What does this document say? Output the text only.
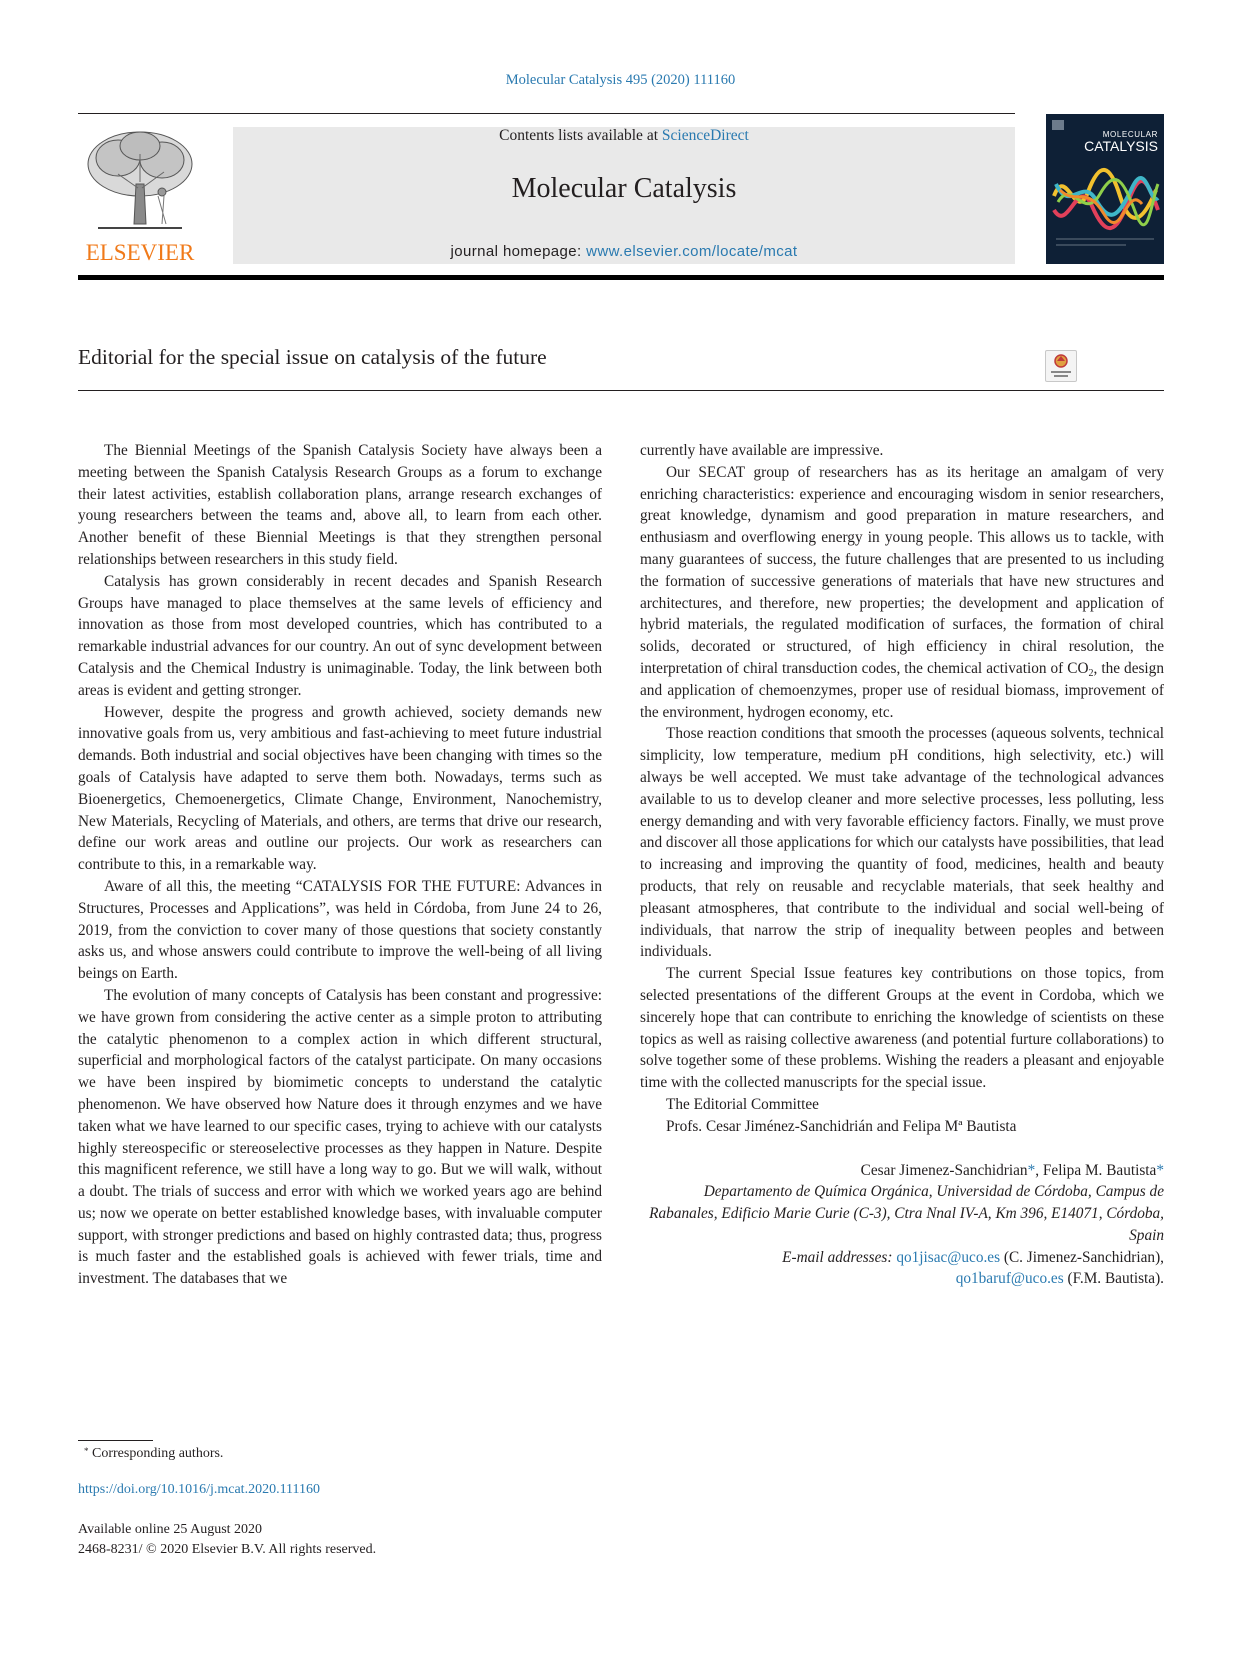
Molecular Catalysis 495 (2020) 111160
ELSEVIER
Contents lists available at ScienceDirect
Molecular Catalysis
journal homepage: www.elsevier.com/locate/mcat
MOLECULAR
CATALYSIS
Editorial for the special issue on catalysis of the future

The Biennial Meetings of the Spanish Catalysis Society have always been a meeting between the Spanish Catalysis Research Groups as a forum to exchange their latest activities, establish collaboration plans, arrange research exchanges of young researchers between the teams and, above all, to learn from each other. Another benefit of these Biennial Meetings is that they strengthen personal relationships between researchers in this study field.

Catalysis has grown considerably in recent decades and Spanish Research Groups have managed to place themselves at the same levels of efficiency and innovation as those from most developed countries, which has contributed to a remarkable industrial advances for our country. An out of sync development between Catalysis and the Chemical Industry is unimaginable. Today, the link between both areas is evident and getting stronger.

However, despite the progress and growth achieved, society demands new innovative goals from us, very ambitious and fast-achieving to meet future industrial demands. Both industrial and social objectives have been changing with times so the goals of Catalysis have adapted to serve them both. Nowadays, terms such as Bioenergetics, Chemoenergetics, Climate Change, Environment, Nanochemistry, New Materials, Recycling of Materials, and others, are terms that drive our research, define our work areas and outline our projects. Our work as researchers can contribute to this, in a remarkable way.

Aware of all this, the meeting “CATALYSIS FOR THE FUTURE: Advances in Structures, Processes and Applications”, was held in Córdoba, from June 24 to 26, 2019, from the conviction to cover many of those questions that society constantly asks us, and whose answers could contribute to improve the well-being of all living beings on Earth.

The evolution of many concepts of Catalysis has been constant and progressive: we have grown from considering the active center as a simple proton to attributing the catalytic phenomenon to a complex action in which different structural, superficial and morphological factors of the catalyst participate. On many occasions we have been inspired by biomimetic concepts to understand the catalytic phenomenon. We have observed how Nature does it through enzymes and we have taken what we have learned to our specific cases, trying to achieve with our catalysts highly stereospecific or stereoselective processes as they happen in Nature. Despite this magnificent reference, we still have a long way to go. But we will walk, without a doubt. The trials of success and error with which we worked years ago are behind us; now we operate on better established knowledge bases, with invaluable computer support, with stronger predictions and based on highly contrasted data; thus, progress is much faster and the established goals is achieved with fewer trials, time and investment. The databases that we

currently have available are impressive.

Our SECAT group of researchers has as its heritage an amalgam of very enriching characteristics: experience and encouraging wisdom in senior researchers, great knowledge, dynamism and good preparation in mature researchers, and enthusiasm and overflowing energy in young people. This allows us to tackle, with many guarantees of success, the future challenges that are presented to us including the formation of successive generations of materials that have new structures and architectures, and therefore, new properties; the development and application of hybrid materials, the regulated modification of surfaces, the formation of chiral solids, decorated or structured, of high efficiency in chiral resolution, the interpretation of chiral transduction codes, the chemical activation of $CO_2$, the design and application of chemoenzymes, proper use of residual biomass, improvement of the environment, hydrogen economy, etc.

Those reaction conditions that smooth the processes (aqueous solvents, technical simplicity, low temperature, medium pH conditions, high selectivity, etc.) will always be well accepted. We must take advantage of the technological advances available to us to develop cleaner and more selective processes, less polluting, less energy demanding and with very favorable efficiency factors. Finally, we must prove and discover all those applications for which our catalysts have possibilities, that lead to increasing and improving the quantity of food, medicines, health and beauty products, that rely on reusable and recyclable materials, that seek healthy and pleasant atmospheres, that contribute to the individual and social well-being of individuals, that narrow the strip of inequality between peoples and between individuals.

The current Special Issue features key contributions on those topics, from selected presentations of the different Groups at the event in Cordoba, which we sincerely hope that can contribute to enriching the knowledge of scientists on these topics as well as raising collective awareness (and potential furture collaborations) to solve together some of these problems. Wishing the readers a pleasant and enjoyable time with the collected manuscripts for the special issue.

The Editorial Committee

Profs. Cesar Jiménez-Sanchidrián and Felipa Mª Bautista

Cesar Jimenez-Sanchidrian*, Felipa M. Bautista*
Departamento de Química Orgánica, Universidad de Córdoba, Campus de Rabanales, Edificio Marie Curie (C-3), Ctra Nnal IV-A, Km 396, E14071, Córdoba, Spain
E-mail addresses: qo1jisac@uco.es (C. Jimenez-Sanchidrian),
qo1baruf@uco.es (F.M. Bautista).
* Corresponding authors.
https://doi.org/10.1016/j.mcat.2020.111160
Available online 25 August 2020
2468-8231/ © 2020 Elsevier B.V. All rights reserved.
